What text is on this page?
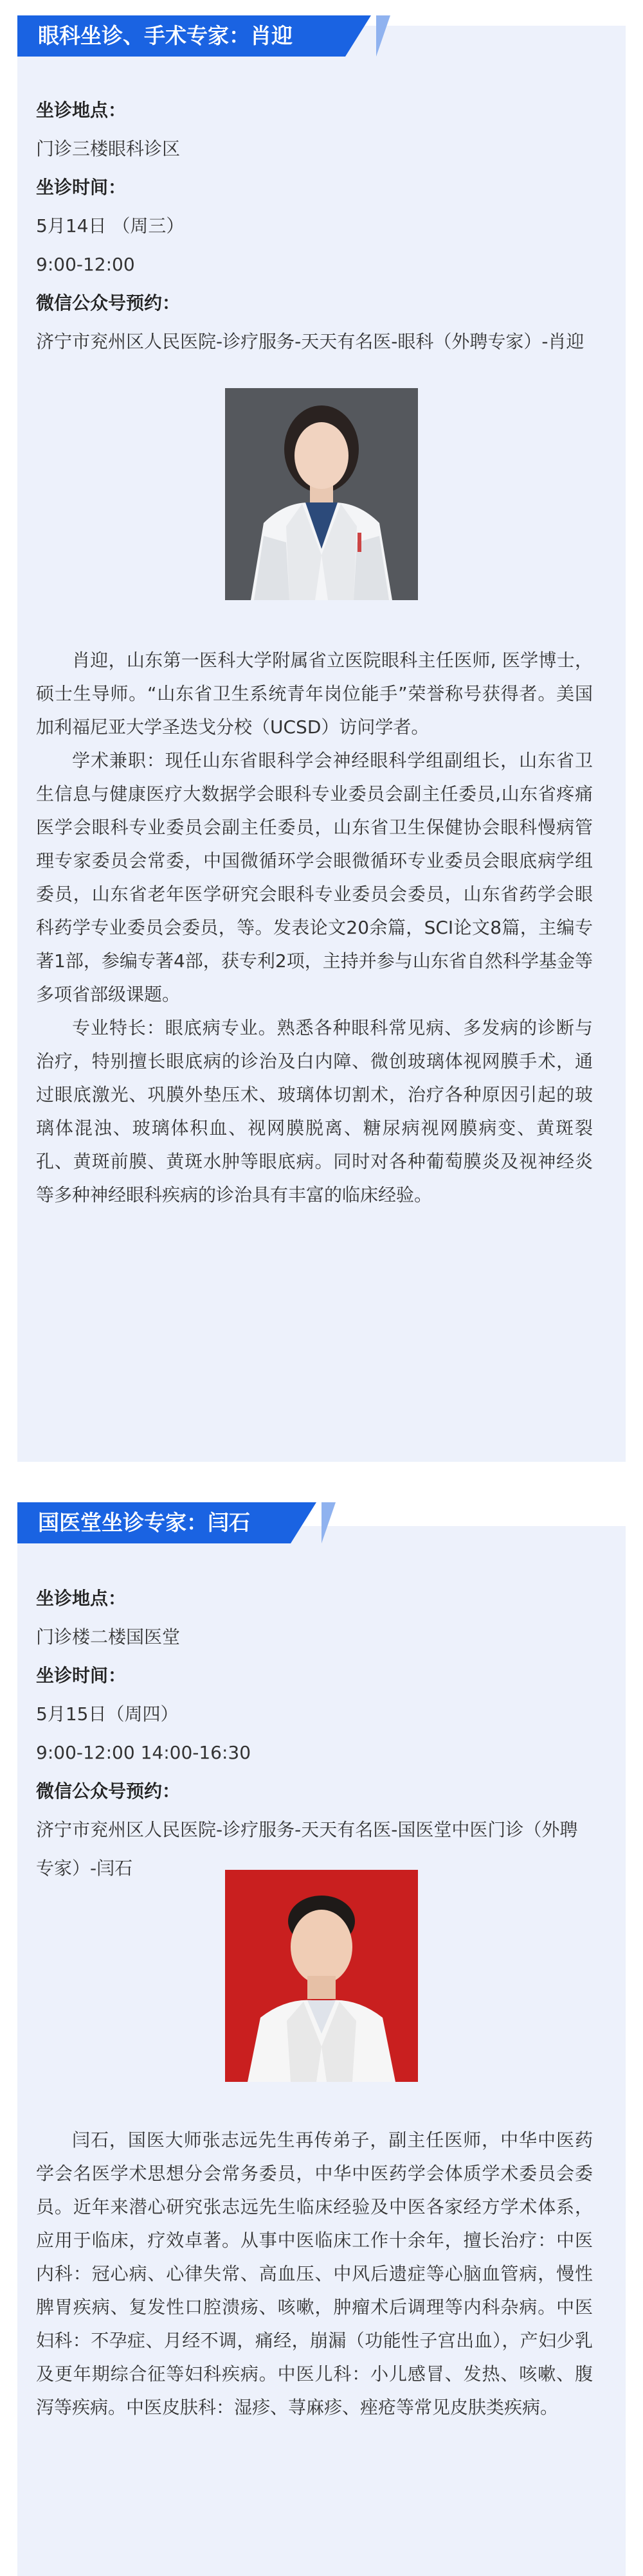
眼科坐诊、手术专家：肖迎
坐诊地点：
门诊三楼眼科诊区
坐诊时间：
5月14日 （周三）
9:00-12:00
微信公众号预约：
济宁市兖州区人民医院-诊疗服务-天天有名医-眼科（外聘专家）-肖迎

肖迎，山东第一医科大学附属省立医院眼科主任医师, 医学博士，硕士生导师。“山东省卫生系统青年岗位能手”荣誉称号获得者。美国加利福尼亚大学圣迭戈分校（UCSD）访问学者。

学术兼职：现任山东省眼科学会神经眼科学组副组长，山东省卫生信息与健康医疗大数据学会眼科专业委员会副主任委员,山东省疼痛医学会眼科专业委员会副主任委员，山东省卫生保健协会眼科慢病管理专家委员会常委，中国微循环学会眼微循环专业委员会眼底病学组委员，山东省老年医学研究会眼科专业委员会委员，山东省药学会眼科药学专业委员会委员，等。发表论文20余篇，SCI论文8篇，主编专著1部，参编专著4部，获专利2项，主持并参与山东省自然科学基金等多项省部级课题。

专业特长：眼底病专业。熟悉各种眼科常见病、多发病的诊断与治疗，特别擅长眼底病的诊治及白内障、微创玻璃体视网膜手术，通过眼底激光、巩膜外垫压术、玻璃体切割术，治疗各种原因引起的玻璃体混浊、玻璃体积血、视网膜脱离、糖尿病视网膜病变、黄斑裂孔、黄斑前膜、黄斑水肿等眼底病。同时对各种葡萄膜炎及视神经炎等多种神经眼科疾病的诊治具有丰富的临床经验。

国医堂坐诊专家：闫石
坐诊地点：
门诊楼二楼国医堂
坐诊时间：
5月15日（周四）
9:00-12:00 14:00-16:30
微信公众号预约：
济宁市兖州区人民医院-诊疗服务-天天有名医-国医堂中医门诊（外聘专家）-闫石

闫石，国医大师张志远先生再传弟子，副主任医师，中华中医药学会名医学术思想分会常务委员，中华中医药学会体质学术委员会委员。近年来潜心研究张志远先生临床经验及中医各家经方学术体系，应用于临床，疗效卓著。从事中医临床工作十余年，擅长治疗：中医内科：冠心病、心律失常、高血压、中风后遗症等心脑血管病，慢性脾胃疾病、复发性口腔溃疡、咳嗽，肿瘤术后调理等内科杂病。中医妇科：不孕症、月经不调，痛经，崩漏（功能性子宫出血），产妇少乳及更年期综合征等妇科疾病。中医儿科：小儿感冒、发热、咳嗽、腹泻等疾病。中医皮肤科：湿疹、荨麻疹、痤疮等常见皮肤类疾病。
